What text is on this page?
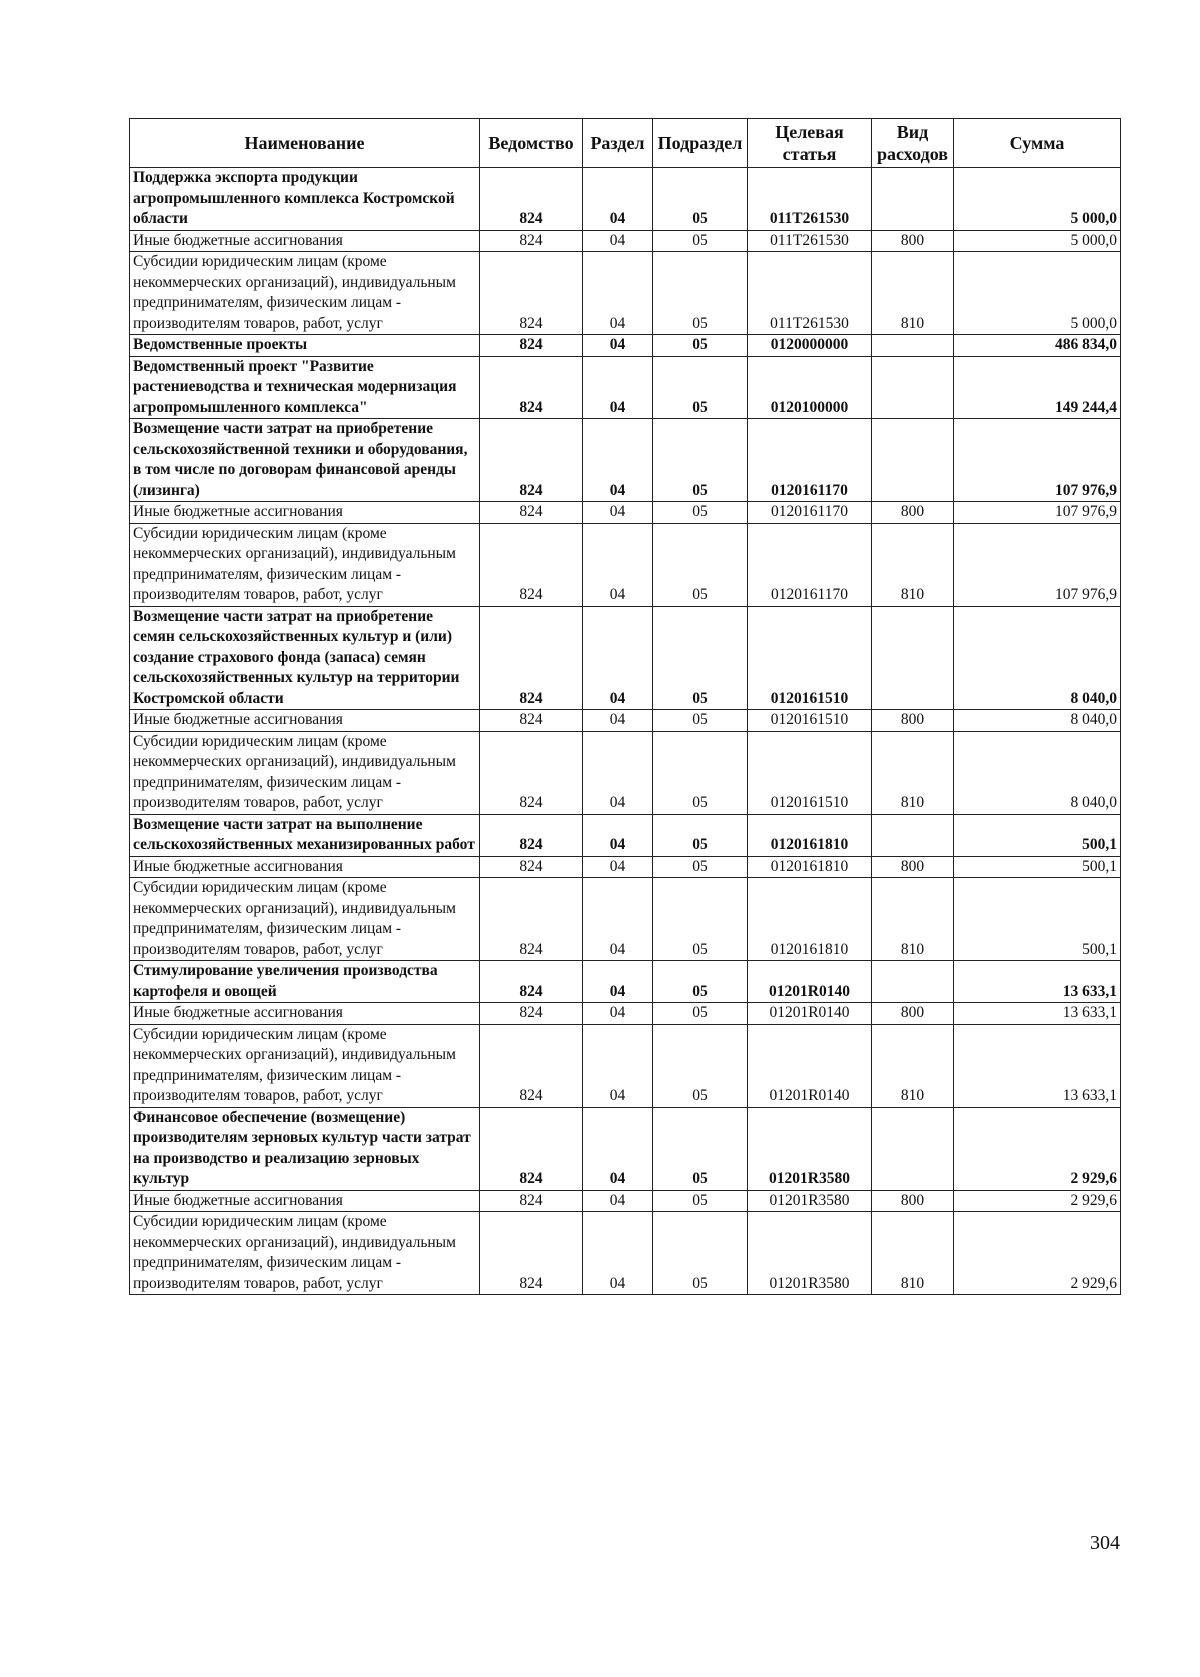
Наименование	Ведомство	Раздел	Подраздел	Целевая статья	Вид расходов	Сумма
Поддержка экспорта продукции агропромышленного комплекса Костромской области	824	04	05	011T261530		5 000,0
Иные бюджетные ассигнования	824	04	05	011T261530	800	5 000,0
Субсидии юридическим лицам (кроме некоммерческих организаций), индивидуальным предпринимателям, физическим лицам - производителям товаров, работ, услуг	824	04	05	011T261530	810	5 000,0
Ведомственные проекты	824	04	05	0120000000		486 834,0
Ведомственный проект "Развитие растениеводства и техническая модернизация агропромышленного комплекса"	824	04	05	0120100000		149 244,4
Возмещение части затрат на приобретение сельскохозяйственной техники и оборудования, в том числе по договорам финансовой аренды (лизинга)	824	04	05	0120161170		107 976,9
Иные бюджетные ассигнования	824	04	05	0120161170	800	107 976,9
Субсидии юридическим лицам (кроме некоммерческих организаций), индивидуальным предпринимателям, физическим лицам - производителям товаров, работ, услуг	824	04	05	0120161170	810	107 976,9
Возмещение части затрат на приобретение семян сельскохозяйственных культур и (или) создание страхового фонда (запаса) семян сельскохозяйственных культур на территории Костромской области	824	04	05	0120161510		8 040,0
Иные бюджетные ассигнования	824	04	05	0120161510	800	8 040,0
Субсидии юридическим лицам (кроме некоммерческих организаций), индивидуальным предпринимателям, физическим лицам - производителям товаров, работ, услуг	824	04	05	0120161510	810	8 040,0
Возмещение части затрат на выполнение сельскохозяйственных механизированных работ	824	04	05	0120161810		500,1
Иные бюджетные ассигнования	824	04	05	0120161810	800	500,1
Субсидии юридическим лицам (кроме некоммерческих организаций), индивидуальным предпринимателям, физическим лицам - производителям товаров, работ, услуг	824	04	05	0120161810	810	500,1
Стимулирование увеличения производства картофеля и овощей	824	04	05	01201R0140		13 633,1
Иные бюджетные ассигнования	824	04	05	01201R0140	800	13 633,1
Субсидии юридическим лицам (кроме некоммерческих организаций), индивидуальным предпринимателям, физическим лицам - производителям товаров, работ, услуг	824	04	05	01201R0140	810	13 633,1
Финансовое обеспечение (возмещение) производителям зерновых культур части затрат на производство и реализацию зерновых культур	824	04	05	01201R3580		2 929,6
Иные бюджетные ассигнования	824	04	05	01201R3580	800	2 929,6
Субсидии юридическим лицам (кроме некоммерческих организаций), индивидуальным предпринимателям, физическим лицам - производителям товаров, работ, услуг	824	04	05	01201R3580	810	2 929,6
304
